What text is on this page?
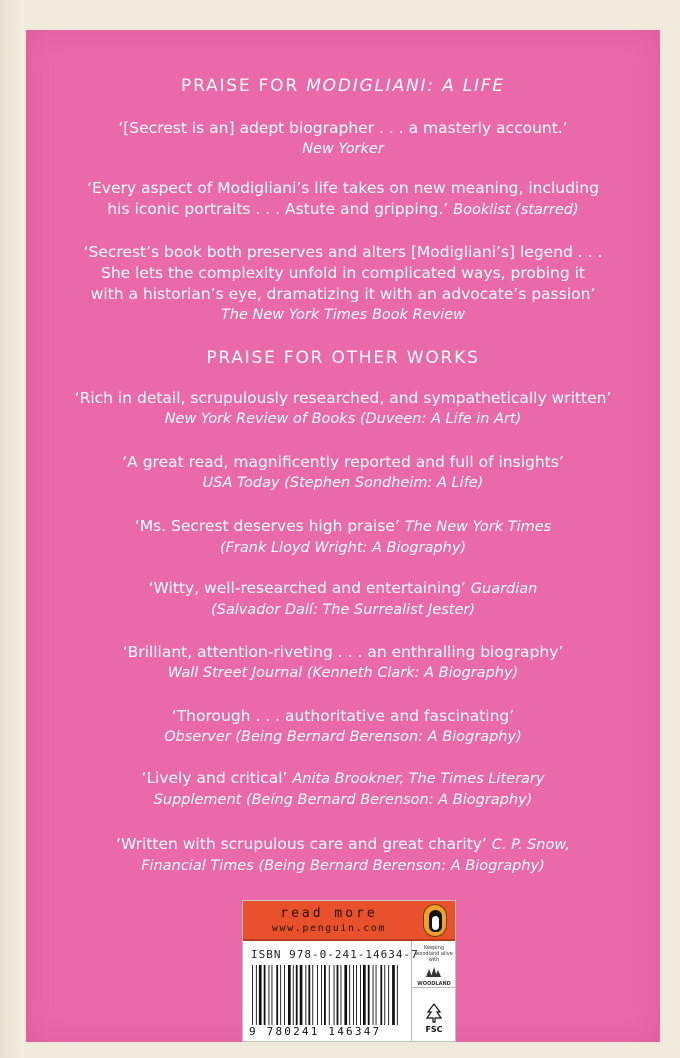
PRAISE FOR MODIGLIANI: A LIFE
‘[Secrest is an] adept biographer . . . a masterly account.’
New Yorker
‘Every aspect of Modigliani’s life takes on new meaning, including
his iconic portraits . . . Astute and gripping.’ Booklist (starred)
‘Secrest’s book both preserves and alters [Modigliani’s] legend . . .
She lets the complexity unfold in complicated ways, probing it
with a historian’s eye, dramatizing it with an advocate’s passion’
The New York Times Book Review
PRAISE FOR OTHER WORKS
‘Rich in detail, scrupulously researched, and sympathetically written’
New York Review of Books (Duveen: A Life in Art)
‘A great read, magnificently reported and full of insights’
USA Today (Stephen Sondheim: A Life)
‘Ms. Secrest deserves high praise’ The New York Times
(Frank Lloyd Wright: A Biography)
‘Witty, well-researched and entertaining’ Guardian
(Salvador Dalí: The Surrealist Jester)
‘Brilliant, attention-riveting . . . an enthralling biography’
Wall Street Journal (Kenneth Clark: A Biography)
‘Thorough . . . authoritative and fascinating’
Observer (Being Bernard Berenson: A Biography)
‘Lively and critical’ Anita Brookner, The Times Literary
Supplement (Being Bernard Berenson: A Biography)
‘Written with scrupulous care and great charity’ C. P. Snow,
Financial Times (Being Bernard Berenson: A Biography)
read more
www.penguin.com
ISBN 978-0-241-14634-7
9 780241 146347
Keeping woodland alive with
WOODLAND
FSC
